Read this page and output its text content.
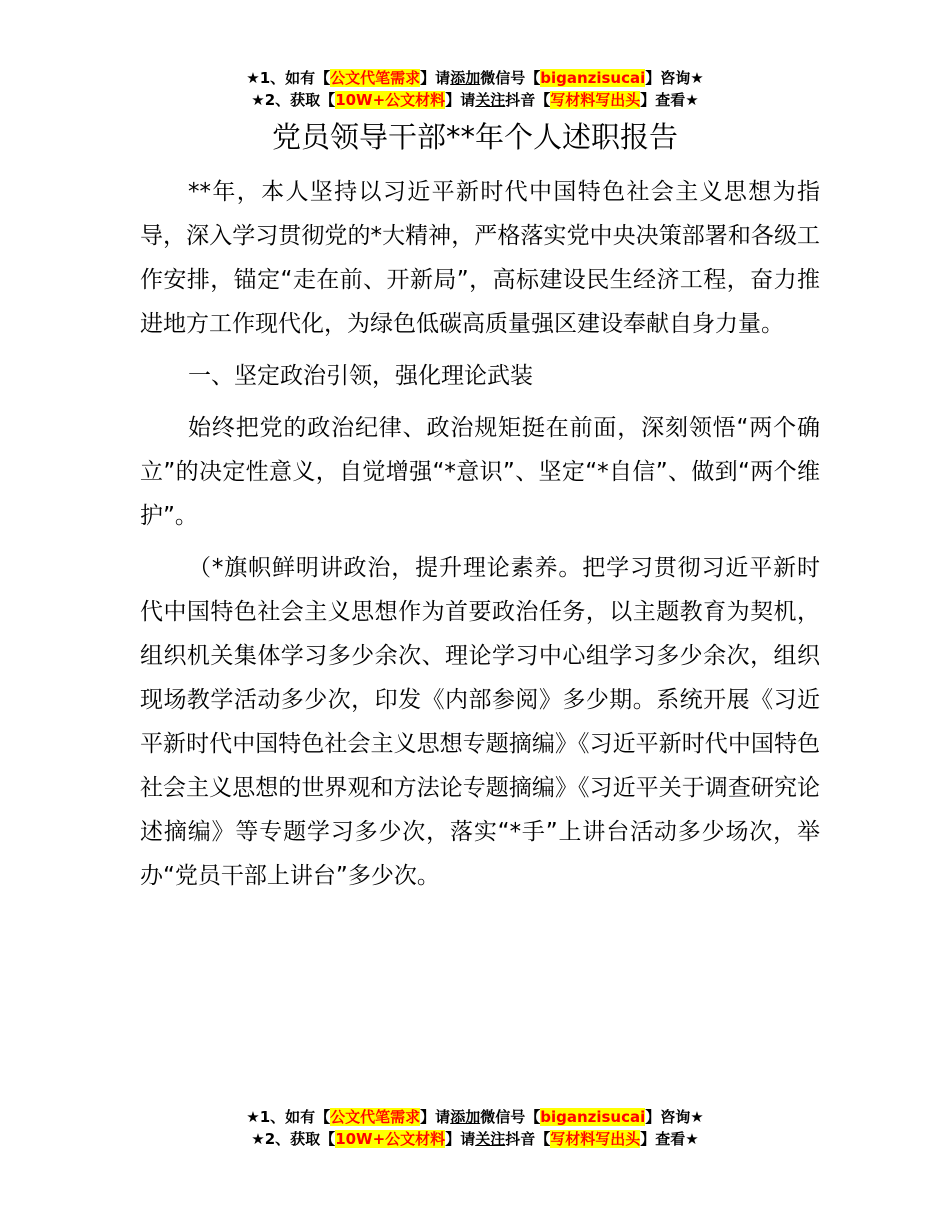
★1、如有【公文代笔需求】请添加微信号【biganzisucai】咨询★
★2、获取【10W+公文材料】请关注抖音【写材料写出头】查看★
党员领导干部**年个人述职报告

**年，本人坚持以习近平新时代中国特色社会主义思想为指导，深入学习贯彻党的*大精神，严格落实党中央决策部署和各级工作安排，锚定“走在前、开新局”，高标建设民生经济工程，奋力推进地方工作现代化，为绿色低碳高质量强区建设奉献自身力量。

一、坚定政治引领，强化理论武装

始终把党的政治纪律、政治规矩挺在前面，深刻领悟“两个确立”的决定性意义，自觉增强“*意识”、坚定“*自信”、做到“两个维护”。

（*旗帜鲜明讲政治，提升理论素养。把学习贯彻习近平新时代中国特色社会主义思想作为首要政治任务，以主题教育为契机，组织机关集体学习多少余次、理论学习中心组学习多少余次，组织现场教学活动多少次，印发《内部参阅》多少期。系统开展《习近平新时代中国特色社会主义思想专题摘编》《习近平新时代中国特色社会主义思想的世界观和方法论专题摘编》《习近平关于调查研究论述摘编》等专题学习多少次，落实“*手”上讲台活动多少场次，举办“党员干部上讲台”多少次。

★1、如有【公文代笔需求】请添加微信号【biganzisucai】咨询★
★2、获取【10W+公文材料】请关注抖音【写材料写出头】查看★
